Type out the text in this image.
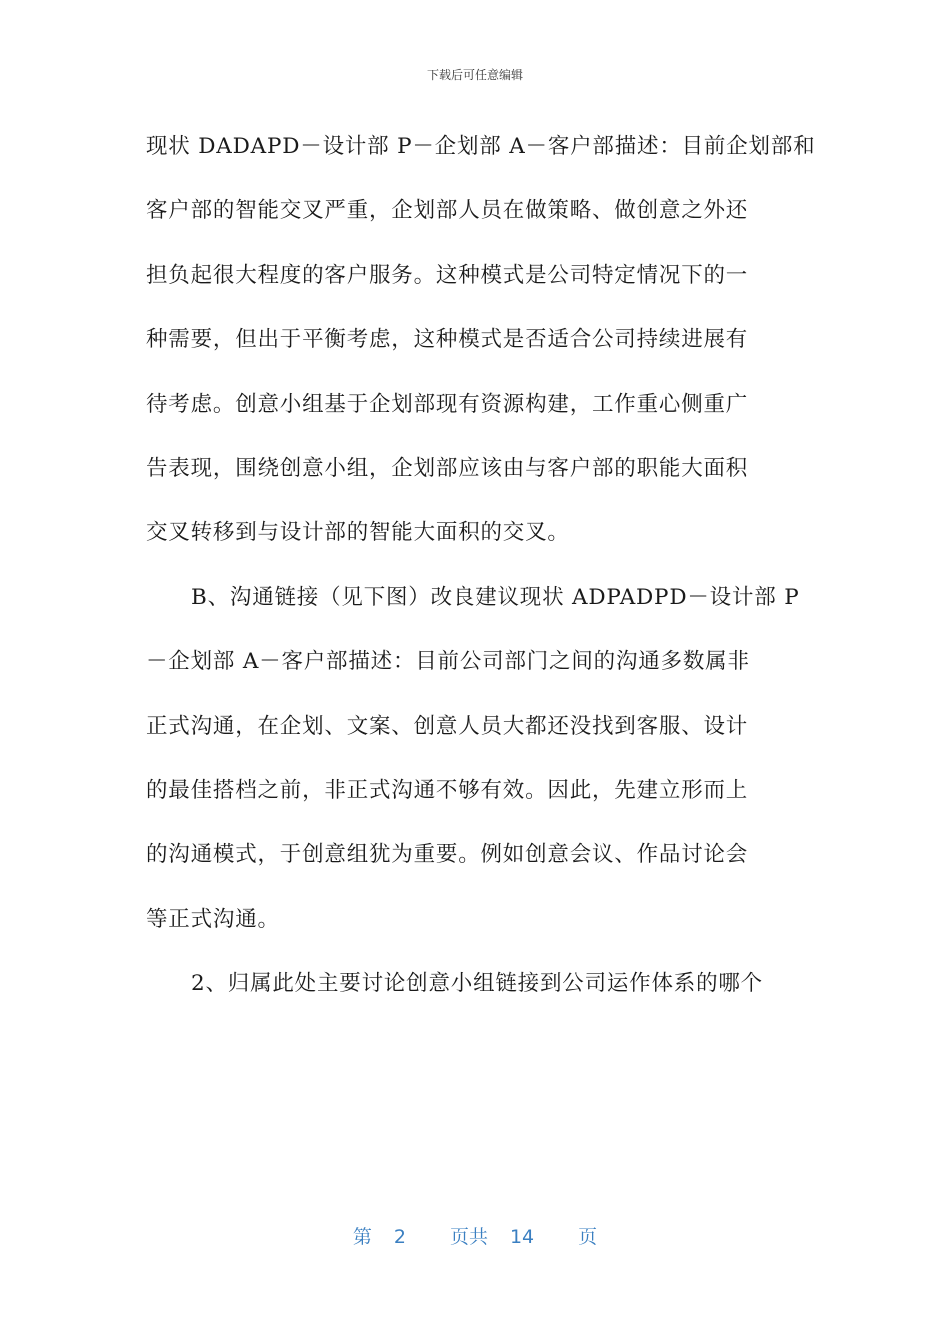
下载后可任意编辑
现状 DADAPD－设计部 P－企划部 A－客户部描述：目前企划部和
客户部的智能交叉严重，企划部人员在做策略、做创意之外还
担负起很大程度的客户服务。这种模式是公司特定情况下的一
种需要，但出于平衡考虑，这种模式是否适合公司持续进展有
待考虑。创意小组基于企划部现有资源构建，工作重心侧重广
告表现，围绕创意小组，企划部应该由与客户部的职能大面积
交叉转移到与设计部的智能大面积的交叉。
B、沟通链接（见下图）改良建议现状 ADPADPD－设计部 P
－企划部 A－客户部描述：目前公司部门之间的沟通多数属非
正式沟通，在企划、文案、创意人员大都还没找到客服、设计
的最佳搭档之前，非正式沟通不够有效。因此，先建立形而上
的沟通模式，于创意组犹为重要。例如创意会议、作品讨论会
等正式沟通。
2、归属此处主要讨论创意小组链接到公司运作体系的哪个
第 2 页共 14 页
